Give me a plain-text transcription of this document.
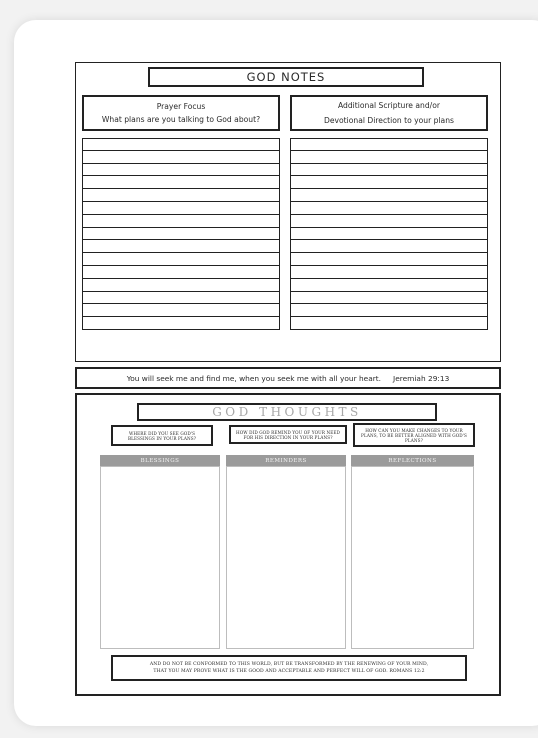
GOD NOTES
Prayer Focus
What plans are you talking to God about?
Additional Scripture and/or
Devotional Direction to your plans
You will seek me and find me, when you seek me with all your heart. Jeremiah 29:13
GOD THOUGHTS
WHERE DID YOU SEE GOD'S BLESSINGS IN YOUR PLANS?
HOW DID GOD REMIND YOU OF YOUR NEED FOR HIS DIRECTION IN YOUR PLANS?
HOW CAN YOU MAKE CHANGES TO YOUR PLANS, TO BE BETTER ALIGNED WITH GOD'S PLANS?
BLESSINGS	REMINDERS	REFLECTIONS
AND DO NOT BE CONFORMED TO THIS WORLD, BUT BE TRANSFORMED BY THE RENEWING OF YOUR MIND,
THAT YOU MAY PROVE WHAT IS THE GOOD AND ACCEPTABLE AND PERFECT WILL OF GOD. ROMANS 12:2
